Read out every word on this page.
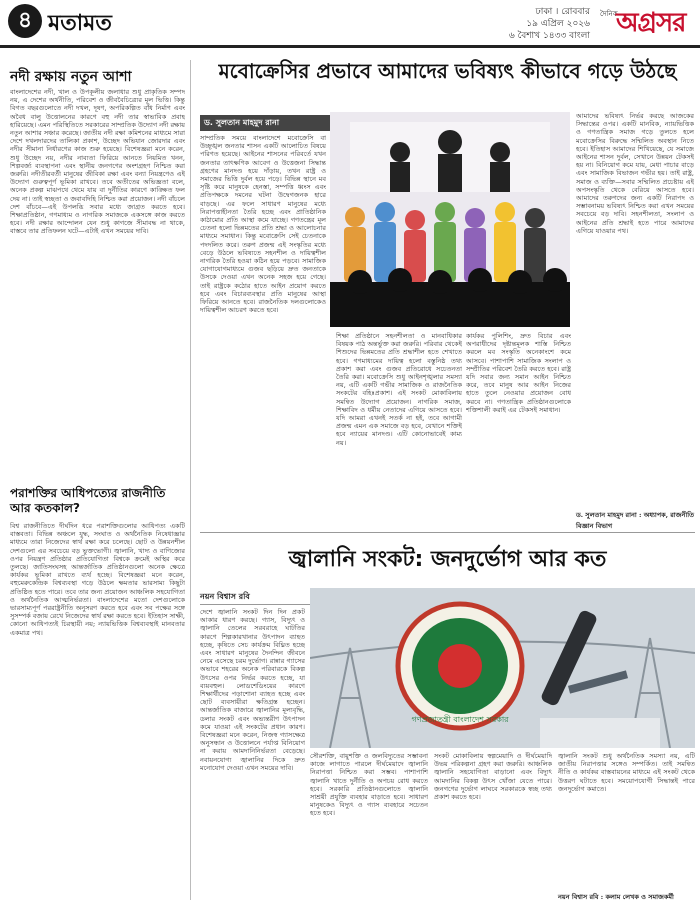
৪ মতামত	ঢাকা । রোববার
১৯ এপ্রিল ২০২৬
৬ বৈশাখ ১৪৩৩ বাংলা
দৈনিক
অগ্রসর
নদী রক্ষায় নতুন আশা
বাংলাদেশের নদী, খাল ও উপকূলীয় জলাধার শুধু প্রাকৃতিক সম্পদ নয়, এ দেশের অর্থনীতি, পরিবেশ ও জীববৈচিত্র্যের মূল ভিত্তি। কিন্তু বিগত বছরগুলোতে নদী দখল, দূষণ, অপরিকল্পিত বাঁধ নির্মাণ এবং অবৈধ বালু উত্তোলনের কারণে বহু নদী তার স্বাভাবিক প্রবাহ হারিয়েছে। এমন পরিস্থিতিতে সরকারের সাম্প্রতিক উদ্যোগ নদী রক্ষায় নতুন আশার সঞ্চার করেছে। জাতীয় নদী রক্ষা কমিশনের মাধ্যমে সারা দেশে দখলদারদের তালিকা প্রকাশ, উচ্ছেদ অভিযান জোরদার এবং নদীর সীমানা নির্ধারণের কাজ শুরু হয়েছে। বিশেষজ্ঞরা মনে করেন, শুধু উচ্ছেদ নয়, নদীর নাব্যতা ফিরিয়ে আনতে নিয়মিত খনন, শিল্পবর্জ্য ব্যবস্থাপনা এবং স্থানীয় জনগণের অংশগ্রহণ নিশ্চিত করা জরুরি। নদীতীরবর্তী মানুষের জীবিকা রক্ষা এবং বন্যা নিয়ন্ত্রণেও এই উদ্যোগ গুরুত্বপূর্ণ ভূমিকা রাখবে। তবে অতীতের অভিজ্ঞতা বলে, অনেক প্রকল্প মাঝপথে থেমে যায় বা দুর্নীতির কারণে কাঙ্ক্ষিত ফল দেয় না। তাই স্বচ্ছতা ও জবাবদিহি নিশ্চিত করা প্রয়োজন। নদী বাঁচলে দেশ বাঁচবে—এই উপলব্ধি সবার মধ্যে জাগ্রত করতে হবে। শিক্ষাপ্রতিষ্ঠান, গণমাধ্যম ও নাগরিক সমাজকে একসঙ্গে কাজ করতে হবে। নদী রক্ষার আন্দোলন যেন শুধু কাগজে সীমাবদ্ধ না থাকে, বাস্তবে তার প্রতিফলন ঘটে—এটাই এখন সময়ের দাবি।
পরাশক্তির আধিপত্যের রাজনীতি আর কতকাল?
বিশ্ব রাজনীতিতে দীর্ঘদিন ধরে পরাশক্তিগুলোর আধিপত্য একটি বাস্তবতা। বিভিন্ন অঞ্চলে যুদ্ধ, সংঘাত ও অর্থনৈতিক নিষেধাজ্ঞার মাধ্যমে তারা নিজেদের স্বার্থ রক্ষা করে চলেছে। ছোট ও উন্নয়নশীল দেশগুলো এর সবচেয়ে বড় ভুক্তভোগী। জ্বালানি, খাদ্য ও বাণিজ্যের ওপর নিয়ন্ত্রণ প্রতিষ্ঠার প্রতিযোগিতা বিশ্বকে ক্রমেই অস্থির করে তুলছে। জাতিসংঘসহ আন্তর্জাতিক প্রতিষ্ঠানগুলো অনেক ক্ষেত্রে কার্যকর ভূমিকা রাখতে ব্যর্থ হচ্ছে। বিশেষজ্ঞরা মনে করেন, বহুমেরুকেন্দ্রিক বিশ্বব্যবস্থা গড়ে উঠলে ক্ষমতার ভারসাম্য কিছুটা প্রতিষ্ঠিত হতে পারে। তবে তার জন্য প্রয়োজন আঞ্চলিক সহযোগিতা ও অর্থনৈতিক আত্মনির্ভরতা। বাংলাদেশের মতো দেশগুলোকে ভারসাম্যপূর্ণ পররাষ্ট্রনীতি অনুসরণ করতে হবে এবং সব পক্ষের সঙ্গে সুসম্পর্ক বজায় রেখে নিজেদের স্বার্থ রক্ষা করতে হবে। ইতিহাস সাক্ষী, কোনো আধিপত্যই চিরস্থায়ী নয়; ন্যায়ভিত্তিক বিশ্বব্যবস্থাই মানবতার একমাত্র পথ।
মবোক্রেসির প্রভাবে আমাদের ভবিষ্যৎ কীভাবে গড়ে উঠছে
ড. সুলতান মাহমুদ রানা
সাম্প্রতিক সময়ে বাংলাদেশে মবোক্রেসি বা উচ্ছৃঙ্খল জনতার শাসন একটি আলোচিত বিষয়ে পরিণত হয়েছে। আইনের শাসনের পরিবর্তে যখন জনতার তাৎক্ষণিক আবেগ ও উত্তেজনা সিদ্ধান্ত গ্রহণের মানদণ্ড হয়ে দাঁড়ায়, তখন রাষ্ট্র ও সমাজের ভিত্তি দুর্বল হয়ে পড়ে। বিভিন্ন স্থানে মব সৃষ্টি করে মানুষকে হেনস্তা, সম্পত্তি ধ্বংস এবং প্রতিপক্ষকে দমনের ঘটনা উদ্বেগজনক হারে বাড়ছে। এর ফলে সাধারণ মানুষের মধ্যে নিরাপত্তাহীনতা তৈরি হচ্ছে এবং প্রাতিষ্ঠানিক কাঠামোর প্রতি আস্থা কমে যাচ্ছে। গণতন্ত্রের মূল চেতনা হলো ভিন্নমতের প্রতি শ্রদ্ধা ও আলোচনার মাধ্যমে সমাধান। কিন্তু মবোক্রেসি সেই চেতনাকে পদদলিত করে। তরুণ প্রজন্ম এই সংস্কৃতির মধ্যে বেড়ে উঠলে ভবিষ্যতে সহনশীল ও দায়িত্বশীল নাগরিক তৈরি হওয়া কঠিন হয়ে পড়বে। সামাজিক যোগাযোগমাধ্যমে গুজব ছড়িয়ে দ্রুত জনতাকে উসকে দেওয়া এখন অনেক সহজ হয়ে গেছে। তাই রাষ্ট্রকে কঠোর হাতে আইন প্রয়োগ করতে হবে এবং বিচারব্যবস্থার প্রতি মানুষের আস্থা ফিরিয়ে আনতে হবে। রাজনৈতিক দলগুলোকেও দায়িত্বশীল আচরণ করতে হবে।
শিক্ষা প্রতিষ্ঠানে সহনশীলতা ও মানবাধিকার বিষয়ক পাঠ অন্তর্ভুক্ত করা জরুরি। পরিবার থেকেই শিশুদের ভিন্নমতের প্রতি শ্রদ্ধাশীল হতে শেখাতে হবে। গণমাধ্যমের দায়িত্ব হলো বস্তুনিষ্ঠ তথ্য প্রকাশ করা এবং গুজব প্রতিরোধে সচেতনতা তৈরি করা। মবোক্রেসি শুধু আইনশৃঙ্খলার সমস্যা নয়, এটি একটি গভীর সামাজিক ও রাজনৈতিক সংকটের বহিঃপ্রকাশ। এই সংকট মোকাবিলায় সমন্বিত উদ্যোগ প্রয়োজন। নাগরিক সমাজ, শিক্ষাবিদ ও ধর্মীয় নেতাদের এগিয়ে আসতে হবে। যদি আমরা এখনই সতর্ক না হই, তবে আগামী প্রজন্ম এমন এক সমাজে বড় হবে, যেখানে শক্তিই হবে ন্যায়ের মানদণ্ড। এটি কোনোভাবেই কাম্য নয়।
কার্যকর পুলিশিং, দ্রুত বিচার এবং অপরাধীদের দৃষ্টান্তমূলক শাস্তি নিশ্চিত করলে মব সংস্কৃতি অনেকাংশে কমে আসবে। পাশাপাশি সামাজিক সংলাপ ও সম্প্রীতির পরিবেশ তৈরি করতে হবে। রাষ্ট্র যদি সবার জন্য সমান আইন নিশ্চিত করে, তবে মানুষ আর আইন নিজের হাতে তুলে নেওয়ার প্রয়োজন বোধ করবে না। গণতান্ত্রিক প্রতিষ্ঠানগুলোকে শক্তিশালী করাই এর টেকসই সমাধান।
আমাদের ভবিষ্যৎ নির্ভর করছে আজকের সিদ্ধান্তের ওপর। একটি মানবিক, ন্যায়ভিত্তিক ও গণতান্ত্রিক সমাজ গড়ে তুলতে হলে মবোক্রেসির বিরুদ্ধে সম্মিলিত অবস্থান নিতে হবে। ইতিহাস আমাদের শিখিয়েছে, যে সমাজে আইনের শাসন দুর্বল, সেখানে উন্নয়ন টেকসই হয় না। বিনিয়োগ কমে যায়, মেধা পাচার বাড়ে এবং সামাজিক বিভাজন গভীর হয়। তাই রাষ্ট্র, সমাজ ও ব্যক্তি—সবার সম্মিলিত প্রচেষ্টায় এই অপসংস্কৃতি থেকে বেরিয়ে আসতে হবে। আমাদের তরুণদের জন্য একটি নিরাপদ ও সম্ভাবনাময় ভবিষ্যৎ নিশ্চিত করা এখন সময়ের সবচেয়ে বড় দাবি। সহনশীলতা, সংলাপ ও আইনের প্রতি শ্রদ্ধাই হতে পারে আমাদের এগিয়ে যাওয়ার পথ।
ড. সুলতান মাহমুদ রানা : অধ্যাপক, রাজনীতি বিজ্ঞান বিভাগ
জ্বালানি সংকট: জনদুর্ভোগ আর কত
নয়ন বিশ্বাস রবি
দেশে জ্বালানি সংকট দিন দিন প্রকট আকার ধারণ করছে। গ্যাস, বিদ্যুৎ ও জ্বালানি তেলের সরবরাহে ঘাটতির কারণে শিল্পকারখানার উৎপাদন ব্যাহত হচ্ছে, কৃষিতে সেচ কার্যক্রম বিঘ্নিত হচ্ছে এবং সাধারণ মানুষের দৈনন্দিন জীবনে নেমে এসেছে চরম দুর্ভোগ। রান্নার গ্যাসের অভাবে শহরের অনেক পরিবারকে বিকল্প উৎসের ওপর নির্ভর করতে হচ্ছে, যা ব্যয়বহুল। লোডশেডিংয়ের কারণে শিক্ষার্থীদের পড়াশোনা ব্যাহত হচ্ছে এবং ছোট ব্যবসায়ীরা ক্ষতিগ্রস্ত হচ্ছেন। আন্তর্জাতিক বাজারে জ্বালানির মূল্যবৃদ্ধি, ডলার সংকট এবং অভ্যন্তরীণ উৎপাদন কমে যাওয়া এই সংকটের প্রধান কারণ। বিশেষজ্ঞরা মনে করেন, নিজস্ব গ্যাসক্ষেত্র অনুসন্ধান ও উত্তোলনে পর্যাপ্ত বিনিয়োগ না করায় আমদানিনির্ভরতা বেড়েছে। নবায়নযোগ্য জ্বালানির দিকে দ্রুত মনোযোগ দেওয়া এখন সময়ের দাবি।
গণপ্রজাতন্ত্রী বাংলাদেশ সরকার
সৌরশক্তি, বায়ুশক্তি ও জলবিদ্যুতের সম্ভাবনা কাজে লাগাতে পারলে দীর্ঘমেয়াদে জ্বালানি নিরাপত্তা নিশ্চিত করা সম্ভব। পাশাপাশি জ্বালানি খাতে দুর্নীতি ও অপচয় রোধ করতে হবে। সরকারি প্রতিষ্ঠানগুলোতে জ্বালানি সাশ্রয়ী প্রযুক্তি ব্যবহার বাড়াতে হবে। সাধারণ মানুষকেও বিদ্যুৎ ও গ্যাস ব্যবহারে সচেতন হতে হবে।
সংকট মোকাবিলায় স্বল্পমেয়াদি ও দীর্ঘমেয়াদি উভয় পরিকল্পনা গ্রহণ করা জরুরি। আঞ্চলিক জ্বালানি সহযোগিতা বাড়ানো এবং বিদ্যুৎ আমদানির বিকল্প উৎস খোঁজা যেতে পারে। জনগণের দুর্ভোগ লাঘবে সরকারকে স্বচ্ছ তথ্য প্রকাশ করতে হবে।
জ্বালানি সংকট শুধু অর্থনৈতিক সমস্যা নয়, এটি জাতীয় নিরাপত্তার সঙ্গেও সম্পর্কিত। তাই সমন্বিত নীতি ও কার্যকর বাস্তবায়নের মাধ্যমে এই সংকট থেকে উত্তরণ ঘটাতে হবে। সময়োপযোগী সিদ্ধান্তই পারে জনদুর্ভোগ কমাতে।
নয়ন বিশ্বাস রবি : কলাম লেখক ও সমাজকর্মী
